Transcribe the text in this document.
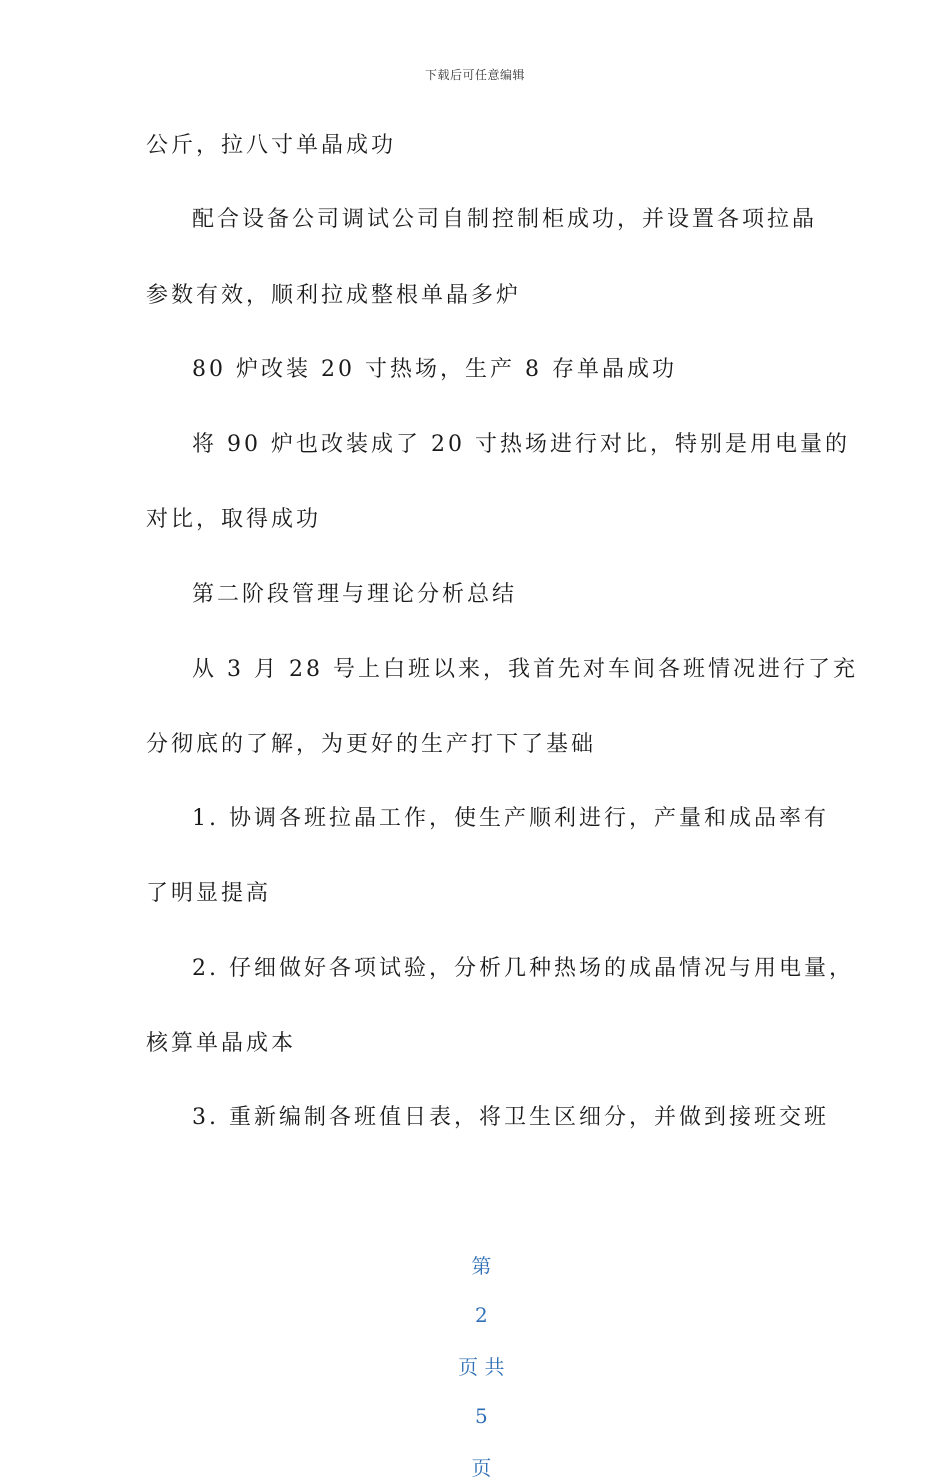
下载后可任意编辑
公斤，拉八寸单晶成功
配合设备公司调试公司自制控制柜成功，并设置各项拉晶
参数有效，顺利拉成整根单晶多炉
80 炉改装 20 寸热场，生产 8 存单晶成功
将 90 炉也改装成了 20 寸热场进行对比，特别是用电量的
对比，取得成功
第二阶段管理与理论分析总结
从 3 月 28 号上白班以来，我首先对车间各班情况进行了充
分彻底的了解，为更好的生产打下了基础
1. 协调各班拉晶工作，使生产顺利进行，产量和成品率有
了明显提高
2. 仔细做好各项试验，分析几种热场的成晶情况与用电量，
核算单晶成本
3. 重新编制各班值日表，将卫生区细分，并做到接班交班

第

2

页 共

5

页
